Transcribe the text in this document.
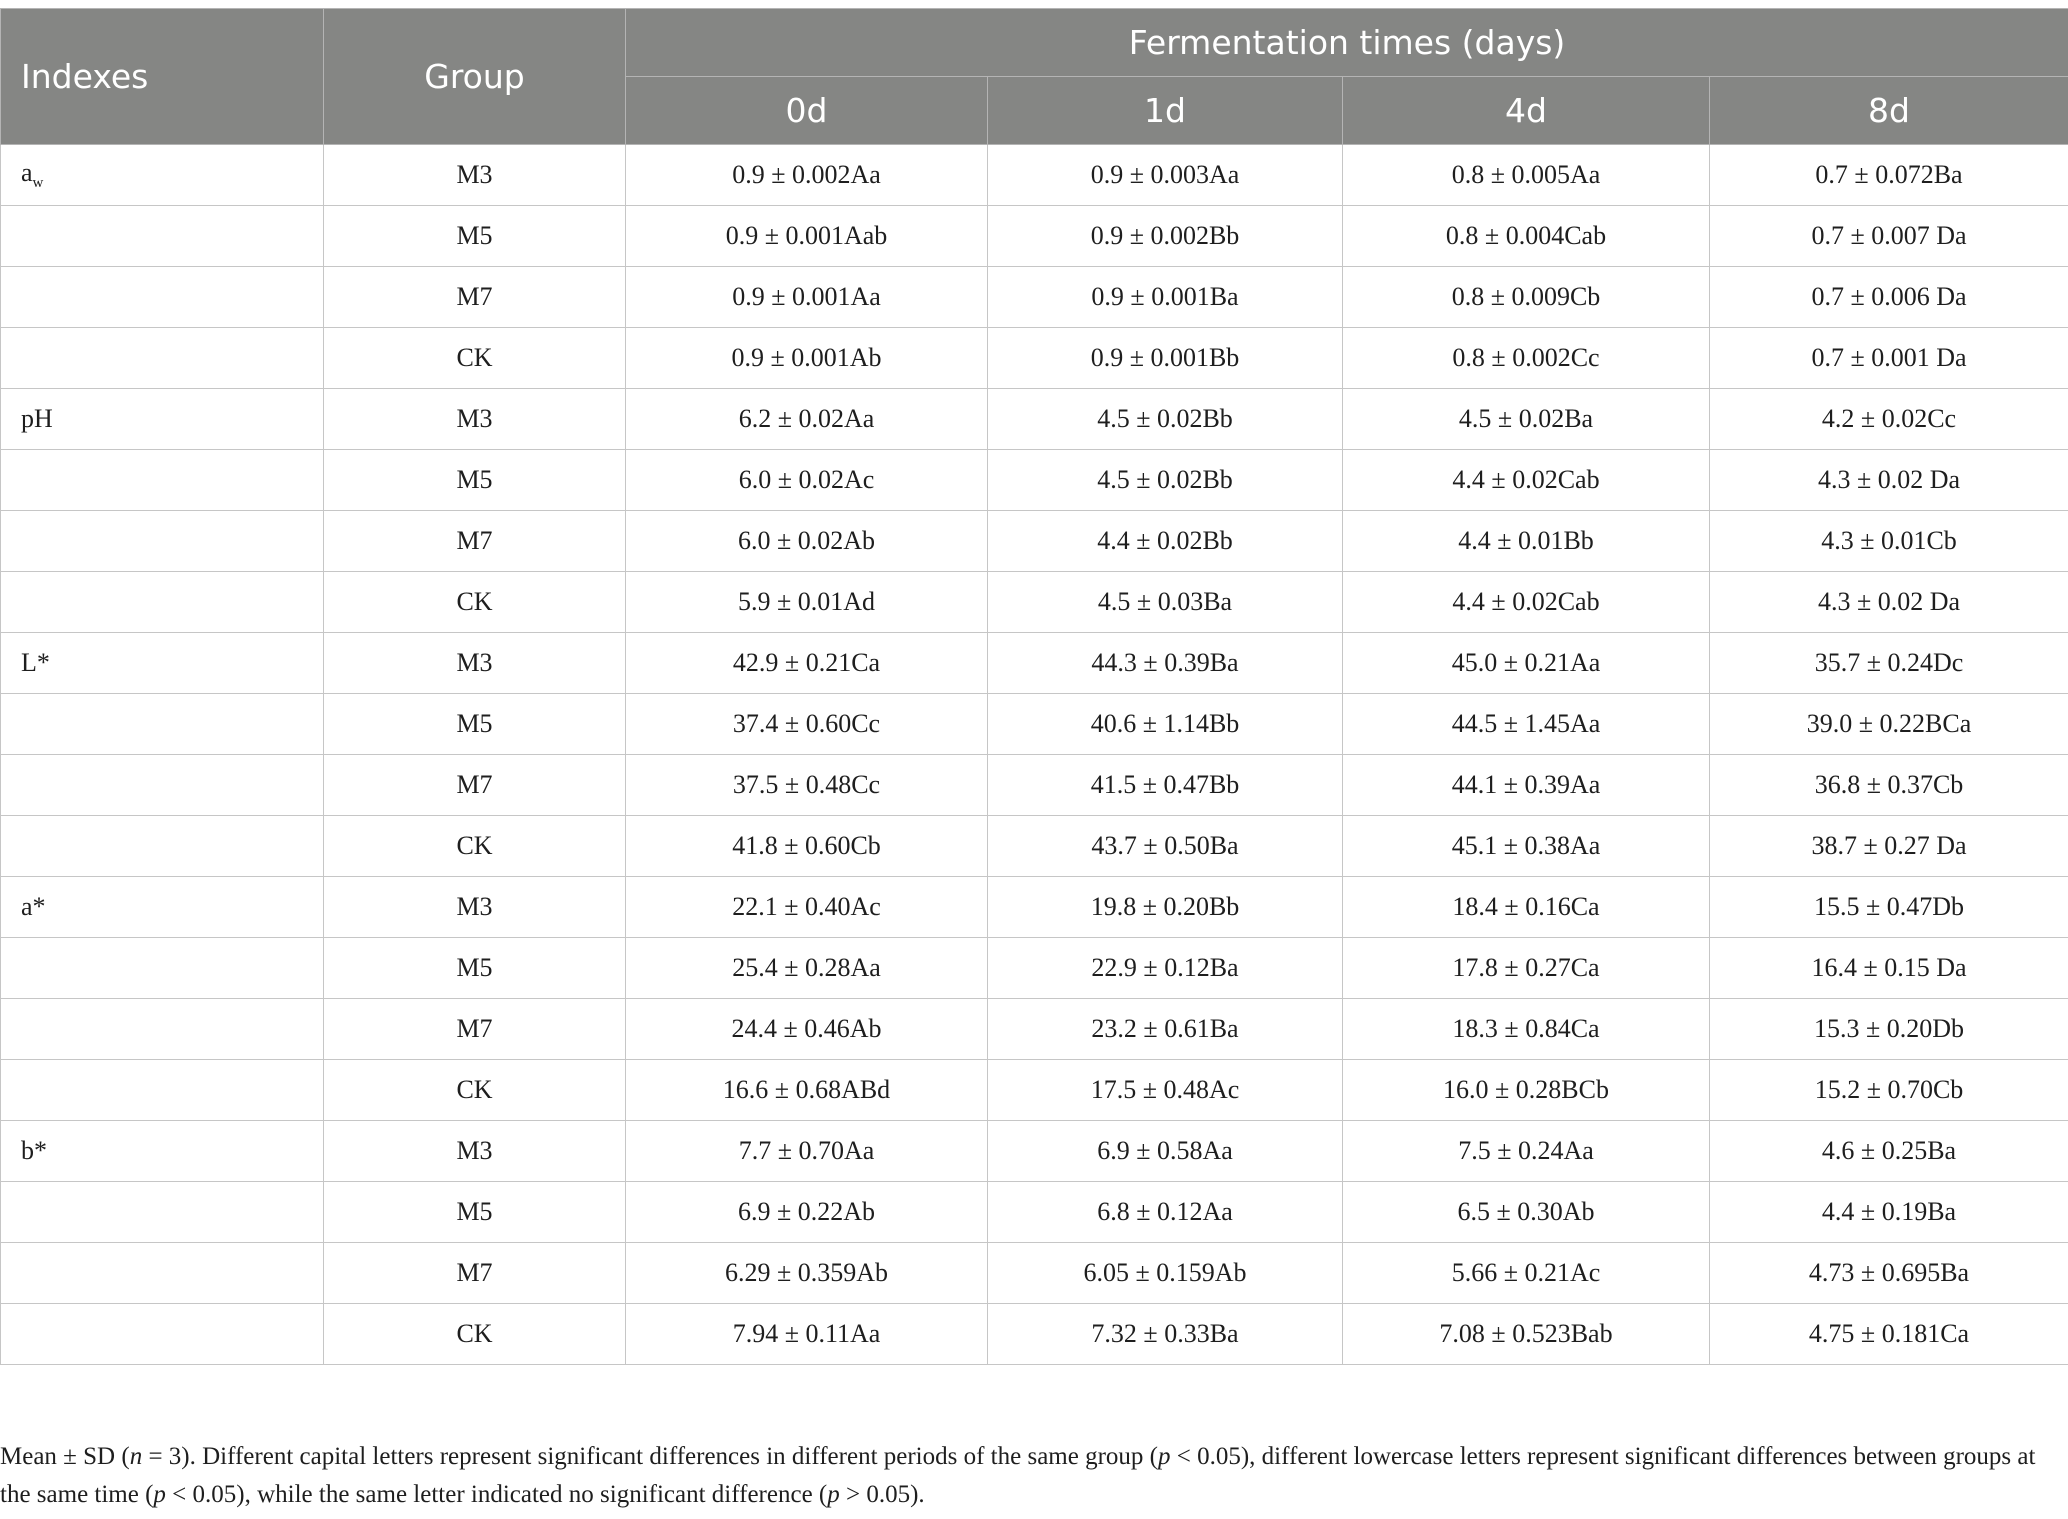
Indexes	Group	Fermentation times (days)			
		0d	1d	4d	8d
$a_w$	M3	0.9 ± 0.002Aa	0.9 ± 0.003Aa	0.8 ± 0.005Aa	0.7 ± 0.072Ba
	M5	0.9 ± 0.001Aab	0.9 ± 0.002Bb	0.8 ± 0.004Cab	0.7 ± 0.007 Da
	M7	0.9 ± 0.001Aa	0.9 ± 0.001Ba	0.8 ± 0.009Cb	0.7 ± 0.006 Da
	CK	0.9 ± 0.001Ab	0.9 ± 0.001Bb	0.8 ± 0.002Cc	0.7 ± 0.001 Da
pH	M3	6.2 ± 0.02Aa	4.5 ± 0.02Bb	4.5 ± 0.02Ba	4.2 ± 0.02Cc
	M5	6.0 ± 0.02Ac	4.5 ± 0.02Bb	4.4 ± 0.02Cab	4.3 ± 0.02 Da
	M7	6.0 ± 0.02Ab	4.4 ± 0.02Bb	4.4 ± 0.01Bb	4.3 ± 0.01Cb
	CK	5.9 ± 0.01Ad	4.5 ± 0.03Ba	4.4 ± 0.02Cab	4.3 ± 0.02 Da
L*	M3	42.9 ± 0.21Ca	44.3 ± 0.39Ba	45.0 ± 0.21Aa	35.7 ± 0.24Dc
	M5	37.4 ± 0.60Cc	40.6 ± 1.14Bb	44.5 ± 1.45Aa	39.0 ± 0.22BCa
	M7	37.5 ± 0.48Cc	41.5 ± 0.47Bb	44.1 ± 0.39Aa	36.8 ± 0.37Cb
	CK	41.8 ± 0.60Cb	43.7 ± 0.50Ba	45.1 ± 0.38Aa	38.7 ± 0.27 Da
a*	M3	22.1 ± 0.40Ac	19.8 ± 0.20Bb	18.4 ± 0.16Ca	15.5 ± 0.47Db
	M5	25.4 ± 0.28Aa	22.9 ± 0.12Ba	17.8 ± 0.27Ca	16.4 ± 0.15 Da
	M7	24.4 ± 0.46Ab	23.2 ± 0.61Ba	18.3 ± 0.84Ca	15.3 ± 0.20Db
	CK	16.6 ± 0.68ABd	17.5 ± 0.48Ac	16.0 ± 0.28BCb	15.2 ± 0.70Cb
b*	M3	7.7 ± 0.70Aa	6.9 ± 0.58Aa	7.5 ± 0.24Aa	4.6 ± 0.25Ba
	M5	6.9 ± 0.22Ab	6.8 ± 0.12Aa	6.5 ± 0.30Ab	4.4 ± 0.19Ba
	M7	6.29 ± 0.359Ab	6.05 ± 0.159Ab	5.66 ± 0.21Ac	4.73 ± 0.695Ba
	CK	7.94 ± 0.11Aa	7.32 ± 0.33Ba	7.08 ± 0.523Bab	4.75 ± 0.181Ca

Mean ± SD (n = 3). Different capital letters represent significant differences in different periods of the same group (p < 0.05), different lowercase letters represent significant differences between groups at the same time (p < 0.05), while the same letter indicated no significant difference (p > 0.05).
